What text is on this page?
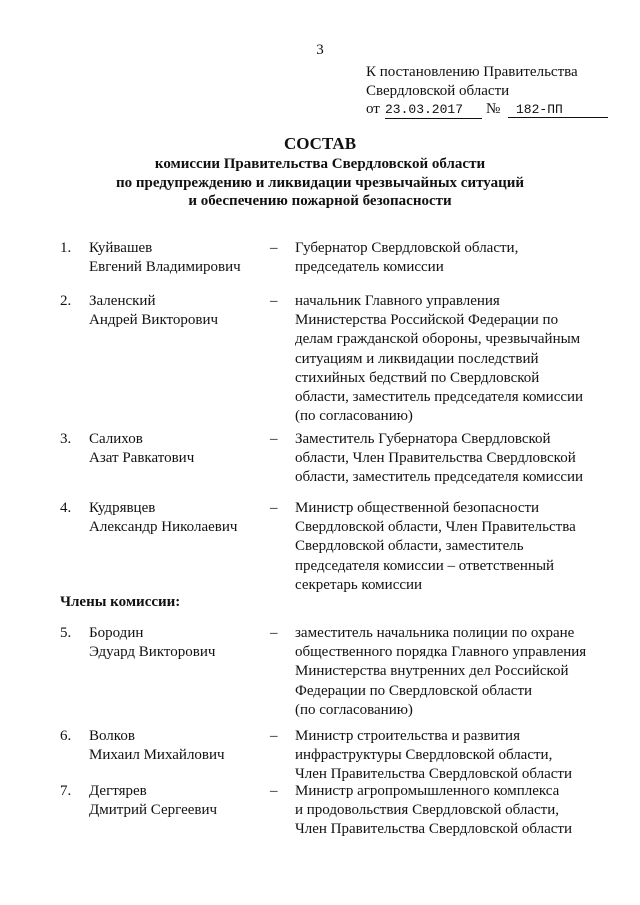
3
К постановлению Правительства
Свердловской области
от 23.03.2017	№	182-ПП
СОСТАВ
комиссии Правительства Свердловской области
по предупреждению и ликвидации чрезвычайных ситуаций
и обеспечению пожарной безопасности
1. Куйвашев
Евгений Владимирович
– Губернатор Свердловской области,
председатель комиссии
2. Заленский
Андрей Викторович
– начальник Главного управления
Министерства Российской Федерации по
делам гражданской обороны, чрезвычайным
ситуациям и ликвидации последствий
стихийных бедствий по Свердловской
области, заместитель председателя комиссии
(по согласованию)
3. Салихов
Азат Равкатович
– Заместитель Губернатора Свердловской
области, Член Правительства Свердловской
области, заместитель председателя комиссии
4. Кудрявцев
Александр Николаевич
– Министр общественной безопасности
Свердловской области, Член Правительства
Свердловской области, заместитель
председателя комиссии – ответственный
секретарь комиссии
Члены комиссии:
5. Бородин
Эдуард Викторович
– заместитель начальника полиции по охране
общественного порядка Главного управления
Министерства внутренних дел Российской
Федерации по Свердловской области
(по согласованию)
6. Волков
Михаил Михайлович
– Министр строительства и развития
инфраструктуры Свердловской области,
Член Правительства Свердловской области
7. Дегтярев
Дмитрий Сергеевич
– Министр агропромышленного комплекса
и продовольствия Свердловской области,
Член Правительства Свердловской области
